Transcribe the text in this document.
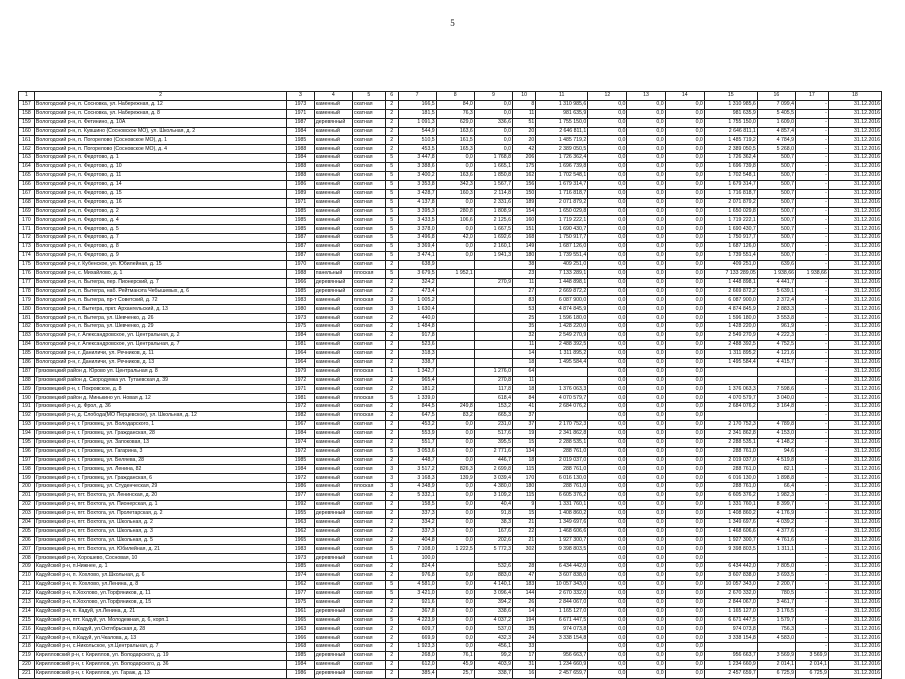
5
1	2	3	4	5	6	7	8	9	10	11	12	13	14	15	16	17	18
157	Вологодский р-н, п. Сосновка, ул. Набережная, д. 12	1973	каменный	скатная	2	166,5	84,0	0,0	8	1 310 985,6	0,0	0,0	0,0	1 310 985,6	7 099,4	-	31.12.2016
158	Вологодский р-н, п. Сосновка, ул. Набережная, д. 8	1971	каменный	скатная	2	181,5	76,3	0,0	11	981 635,9	0,0	0,0	0,0	981 635,9	5 405,5	-	31.12.2016
159	Вологодский р-н, п. Фетинино, д. 10А	1987	деревянный	скатная	2	1 091,3	629,0	336,6	51	1 755 150,0	0,0	0,0	0,0	1 755 150,0	1 609,0	-	31.12.2016
160	Вологодский р-н, п. Кувшино (Сосновское МО), ул. Школьная, д. 2	1984	каменный	скатная	2	544,9	163,6	0,0	20	2 646 811,1	0,0	0,0	0,0	2 646 811,1	4 857,4	-	31.12.2016
161	Вологодский р-н, п. Погорелово (Сосновское МО), д. 1	1985	каменный	скатная	2	510,5	161,5	0,0	20	1 485 719,2	0,0	0,0	0,0	1 485 719,2	4 784,9	-	31.12.2016
162	Вологодский р-н, п. Погорелово (Сосновское МО), д. 4	1988	каменный	скатная	2	453,5	165,3	0,0	42	2 389 050,5	0,0	0,0	0,0	2 389 050,5	5 268,0	-	31.12.2016
163	Вологодский р-н, п. Федотово, д. 1	1984	каменный	скатная	5	3 447,8	0,0	1 768,8	206	1 726 362,4	0,0	0,0	0,0	1 726 362,4	500,7	-	31.12.2016
164	Вологодский р-н, п. Федотово, д. 10	1988	каменный	скатная	5	3 388,6	0,0	1 665,1	175	1 696 739,8	0,0	0,0	0,0	1 696 739,8	500,7	-	31.12.2016
165	Вологодский р-н, п. Федотово, д. 11	1988	каменный	скатная	5	3 400,2	163,6	1 850,8	162	1 702 548,1	0,0	0,0	0,0	1 702 548,1	500,7	-	31.12.2016
166	Вологодский р-н, п. Федотово, д. 14	1986	каменный	скатная	5	3 353,8	342,3	1 567,7	156	1 679 314,7	0,0	0,0	0,0	1 679 314,7	500,7	-	31.12.2016
167	Вологодский р-н, п. Федотово, д. 15	1989	каменный	скатная	5	3 428,7	160,3	2 114,8	150	1 716 818,7	0,0	0,0	0,0	1 716 818,7	500,7	-	31.12.2016
168	Вологодский р-н, п. Федотово, д. 16	1971	каменный	скатная	5	4 137,8	0,0	2 331,6	189	2 071 879,2	0,0	0,0	0,0	2 071 879,2	500,7	-	31.12.2016
169	Вологодский р-н, п. Федотово, д. 2	1985	каменный	скатная	5	3 395,3	280,8	1 808,9	154	1 650 029,8	0,0	0,0	0,0	1 650 029,8	500,7	-	31.12.2016
170	Вологодский р-н, п. Федотово, д. 4	1985	каменный	скатная	5	3 433,5	106,6	2 125,6	160	1 719 222,1	0,0	0,0	0,0	1 719 222,1	500,7	-	31.12.2016
171	Вологодский р-н, п. Федотово, д. 5	1985	каменный	скатная	5	3 378,0	0,0	1 667,5	151	1 690 430,7	0,0	0,0	0,0	1 690 430,7	500,7	-	31.12.2016
172	Вологодский р-н, п. Федотово, д. 7	1987	каменный	скатная	5	3 496,8	42,0	1 692,6	168	1 750 917,7	0,0	0,0	0,0	1 750 917,7	500,7	-	31.12.2016
173	Вологодский р-н, п. Федотово, д. 8	1987	каменный	скатная	5	3 369,4	0,0	2 160,1	149	1 687 126,0	0,0	0,0	0,0	1 687 126,0	500,7	-	31.12.2016
174	Вологодский р-н, п. Федотово, д. 9	1987	каменный	скатная	5	3 474,1	0,0	1 941,3	180	1 739 551,4	0,0	0,0	0,0	1 739 551,4	500,7	-	31.12.2016
175	Вологодский р-н, г. Кубенское, ул. Юбилейная, д. 15	1970	каменный	скатная	2	638,9			38	409 251,0	0,0	0,0	0,0	409 251,0	639,6	-	31.12.2016
176	Вологодский р-н, с. Михайлово, д. 1	1988	панельный	плоская	5	3 679,5	1 952,1		23	7 133 289,1	0,0	0,0	0,0	7 133 289,05	1 938,66	1 938,66	31.12.2016
177	Вологодский р-н, п. Вытегра, пер. Пионерский, д. 7	1966	деревянный	скатная	2	324,2		270,9	11	1 448 898,1	0,0	0,0	0,0	1 448 898,1	4 441,7	-	31.12.2016
178	Вологодский р-н, п. Вытегра, наб. Рейтманэта Чебышевых, д. 6	1985	деревянный	скатная	2	473,4			27	2 669 872,2	0,0	0,0	0,0	2 669 872,2	5 639,1	-	31.12.2016
179	Вологодский р-н, п. Вытегра, пр-т Советский, д. 72	1983	каменный	плоская	3	1 005,2			83	6 087 900,0	0,0	0,0	0,0	6 087 900,0	2 372,4	-	31.12.2016
180	Вологодский р-н, г. Вытегра, пркт. Архангельский, д. 13	1980	каменный	скатная	3	1 630,4			53	4 874 845,9	0,0	0,0	0,0	4 874 845,9	2 883,3	-	31.12.2016
181	Вологодский р-н, п. Вытегра, ул. Шевченко, д. 26	1973	каменный	скатная	2	440,0			25	1 596 180,0	0,0	0,0	0,0	1 596 180,0	3 553,8	-	31.12.2016
182	Вологодский р-н, п. Вытегра, ул. Шевченко, д. 29	1975	каменный	скатная	2	1 484,8			35	1 428 220,0	0,0	0,0	0,0	1 428 220,0	961,9	-	31.12.2016
183	Вологодский р-н, г. Александровское, ул. Центральная, д. 2	1984	каменный	скатная	2	917,8			32	2 549 270,9	0,0	0,0	0,0	2 549 270,9	4 222,3	-	31.12.2016
184	Вологодский р-н, г. Александровское, ул. Центральная, д. 7	1981	каменный	скатная	2	523,6			11	2 488 392,5	0,0	0,0	0,0	2 488 392,5	4 752,5	-	31.12.2016
185	Вологодский р-н, г. Даниличи, ул. Речников, д. 11	1964	каменный	скатная	2	318,3			14	1 311 895,2	0,0	0,0	0,0	1 311 895,2	4 121,6	-	31.12.2016
186	Вологодский р-н, г. Даниличи, ул. Речников, д. 13	1964	каменный	скатная	2	338,7			18	1 495 584,4	0,0	0,0	0,0	1 495 584,4	4 415,7	-	31.12.2016
187	Грязовецкий район д. Юрово ул. Центральная д. 8	1979	каменный	плоская	1	1 342,7		1 276,0	64		0,0	0,0	0,0			-	31.12.2016
188	Грязовецкий район д. Скородумка ул. Тутаевская д. 39	1972	каменный	скатная	2	965,4		270,8	11		0,0	0,0	0,0			-	31.12.2016
189	Грязовецкий р-н, г. Покровское, д. 8	1971	каменный	скатная	2	181,2		117,8	18	1 376 063,3	0,0	0,0	0,0	1 376 063,3	7 598,6	-	31.12.2016
190	Грязовецкий район д. Минькино ул. Новая д. 12	1981	каменный	плоская	5	1 339,0		618,4	84	4 070 579,7	0,0	0,0	0,0	4 070 579,7	3 040,0	-	31.12.2016
191	Грязовецкий р-н, д. Фрол, д. 36	1972	каменный	скатная	2	844,5	249,8	153,2	41	2 684 076,2	0,0	0,0	0,0	2 684 076,2	3 164,8	-	31.12.2016
192	Грязовецкий р-н, д. Слобода(МО Перцевское), ул. Школьная, д. 12	1982	каменный	плоская	2	647,5	83,2	665,3	37		0,0	0,0	0,0			-	31.12.2016
193	Грязовецкий р-н, г. Грязовец, ул. Володарского, 1	1967	каменный	скатная	2	453,2	0,0	231,0	37	2 170 752,3	0,0	0,0	0,0	2 170 752,3	4 789,8	-	31.12.2016
194	Грязовецкий р-н, г. Грязовец, ул. Гражданская, 28	1984	каменный	скатная	2	553,9	0,0	517,6	19	2 341 862,8	0,0	0,0	0,0	2 341 862,8	4 153,0	-	31.12.2016
195	Грязовецкий р-н, г. Грязовец, ул. Запоковая, 13	1974	каменный	скатная	2	551,7	0,0	395,5	15	2 288 535,1	0,0	0,0	0,0	2 288 535,1	4 148,2	-	31.12.2016
196	Грязовецкий р-н, г. Грязовец, ул. Гагарина, 3	1972	каменный	скатная	5	3 053,6	0,0	2 771,6	134	288 761,0	0,0	0,0	0,0	288 761,0	94,6	-	31.12.2016
197	Грязовецкий р-н, г. Грязовец, ул. Беляева, 28	1985	каменный	скатная	2	448,7	0,0	446,7	18	2 019 037,0	0,0	0,0	0,0	2 019 037,0	4 519,8	-	31.12.2016
198	Грязовецкий р-н, г. Грязовец, ул. Ленина, 82	1984	каменный	скатная	3	3 517,2	826,3	2 699,8	115	288 761,0	0,0	0,0	0,0	288 761,0	82,1	-	31.12.2016
199	Грязовецкий р-н, г. Грязовец, ул. Гражданская, 6	1972	каменный	скатная	3	3 168,3	139,9	3 039,4	170	6 016 130,0	0,0	0,0	0,0	6 016 130,0	1 898,8	-	31.12.2016
200	Грязовецкий р-н, г. Грязовец, ул. Студенческая, 29	1986	каменный	плоская	3	4 348,9	0,0	4 380,0	180	288 761,0	0,0	0,0	0,0	288 761,0	66,4	-	31.12.2016
201	Грязовецкий р-н, пгт. Вохтога, ул. Ленинская, д. 20	1977	каменный	скатная	2	5 332,1	0,0	3 109,2	115	6 605 376,2	0,0	0,0	0,0	6 605 376,2	1 982,3	-	31.12.2016
202	Грязовецкий р-н, пгт. Вохтога, ул. Пионерская, д. 1	1992	каменный	скатная	2	158,5	0,0	40,4	9	1 331 760,1	0,0	0,0	0,0	1 331 760,1	8 399,7	-	31.12.2016
203	Грязовецкий р-н, пгт. Вохтога, ул. Пролетарская, д. 2	1955	деревянный	скатная	2	337,3	0,0	91,8	15	1 408 860,2	0,0	0,0	0,0	1 408 860,2	4 176,9	-	31.12.2016
204	Грязовецкий р-н, пгт. Вохтога, ул. Школьная, д. 2	1963	каменный	скатная	2	334,2	0,0	38,3	21	1 349 697,6	0,0	0,0	0,0	1 349 697,6	4 039,2	-	31.12.2016
205	Грязовецкий р-н, пгт. Вохтога, ул. Школьная, д. 3	1962	каменный	скатная	2	337,3	0,0	167,6	22	1 468 606,6	0,0	0,0	0,0	1 468 606,6	4 377,6	-	31.12.2016
206	Грязовецкий р-н, пгт. Вохтога, ул. Школьная, д. 5	1965	каменный	скатная	2	404,8	0,0	202,6	21	1 927 300,7	0,0	0,0	0,0	1 927 300,7	4 761,6	-	31.12.2016
207	Грязовецкий р-н, пгт. Вохтога, ул. Юбилейная, д. 21	1983	каменный	скатная	5	7 108,0	1 222,5	5 772,3	302	9 398 803,5	0,0	0,0	0,0	9 398 803,5	1 311,1	-	31.12.2016
208	Грязовецкий р-н, Хорошево, Сосновая, 10	1973	деревянный	скатная	1	100,0					0,0	0,0	0,0			-	31.12.2016
209	Кадуйский р-н, п.Нижнее, д. 1	1985	каменный	скатная	2	824,4		532,6	28	6 434 442,0	0,0	0,0	0,0	6 434 442,0	7 805,0	-	31.12.2016
210	Кадуйский р-н, п. Хохлово, ул.Школьная, д. 6	1974	каменный	скатная	2	976,8	0,0	883,0	47	3 607 838,0	0,0	0,0	0,0	3 607 838,0	3 693,5	-	31.12.2016
211	Кадуйский р-н, п. Хохлово, ул.Ленина, д. 8	1962	каменный	скатная	5	4 581,0	0,0	4 140,1	183	10 057 343,0	0,0	0,0	0,0	10 057 343,0	2 200,7	-	31.12.2016
212	Кадуйский р-н, п.Хохлово, ул.Торфяников, д. 11	1977	каменный	скатная	5	3 421,0	0,0	3 096,4	144	2 670 332,0	0,0	0,0	0,0	2 670 332,0	780,5	-	31.12.2016
213	Кадуйский р-н, п.Хохлово, ул.Торфяников, д. 15	1975	каменный	скатная	2	921,6	0,0	394,2	26	2 844 067,0	0,0	0,0	0,0	2 844 067,0	3 461,7	-	31.12.2016
214	Кадуйский р-н, п. Кадуй, ул.Ленина, д. 21	1961	деревянный	скатная	2	367,8	0,0	338,6	14	1 165 127,0	0,0	0,0	0,0	1 165 127,0	3 176,5	-	31.12.2016
215	Кадуйский р-н, пгт. Кадуй, ул. Молодежная, д. 6, корп.1	1965	каменный	скатная	5	4 223,9	0,0	4 037,2	194	6 671 447,5	0,0	0,0	0,0	6 671 447,5	1 579,7	-	31.12.2016
216	Кадуйский р-н, п.Кадуй, ул.Октябрьская д. 28	1963	каменный	скатная	2	609,7	0,0	537,0	35	974 073,8	0,0	0,0	0,0	974 073,8	756,3	-	31.12.2016
217	Кадуйский р-н, п.Кадуй, ул.Чкалова, д. 13	1966	каменный	скатная	2	669,9	0,0	432,3	24	3 338 154,8	0,0	0,0	0,0	3 338 154,8	4 583,0	-	31.12.2016
218	Кадуйский р-н, с.Никольское, ул.Центральная, д. 7	1968	каменный	скатная	2	1 923,3	0,0	456,1	33		0,0	0,0	0,0			-	31.12.2016
219	Кирилловский р-н, г. Кириллов, ул. Володарского, д. 19	1985	деревянный	скатная	2	268,0	76,1	99,2	17	956 663,7	0,0	0,0	0,0	956 663,7	3 569,9	3 569,9	31.12.2016
220	Кирилловский р-н, г. Кириллов, ул. Володарского, д. 36	1984	каменный	скатная	2	612,0	45,9	403,9	31	1 234 660,9	0,0	0,0	0,0	1 234 660,9	2 014,1	2 014,1	31.12.2016
221	Кирилловский р-н, г. Кириллов, ул. Гараж, д. 13	1986	деревянный	скатная	2	385,4	25,7	338,7	16	2 457 659,7	0,0	0,0	0,0	2 457 659,7	6 725,9	6 725,9	31.12.2016
